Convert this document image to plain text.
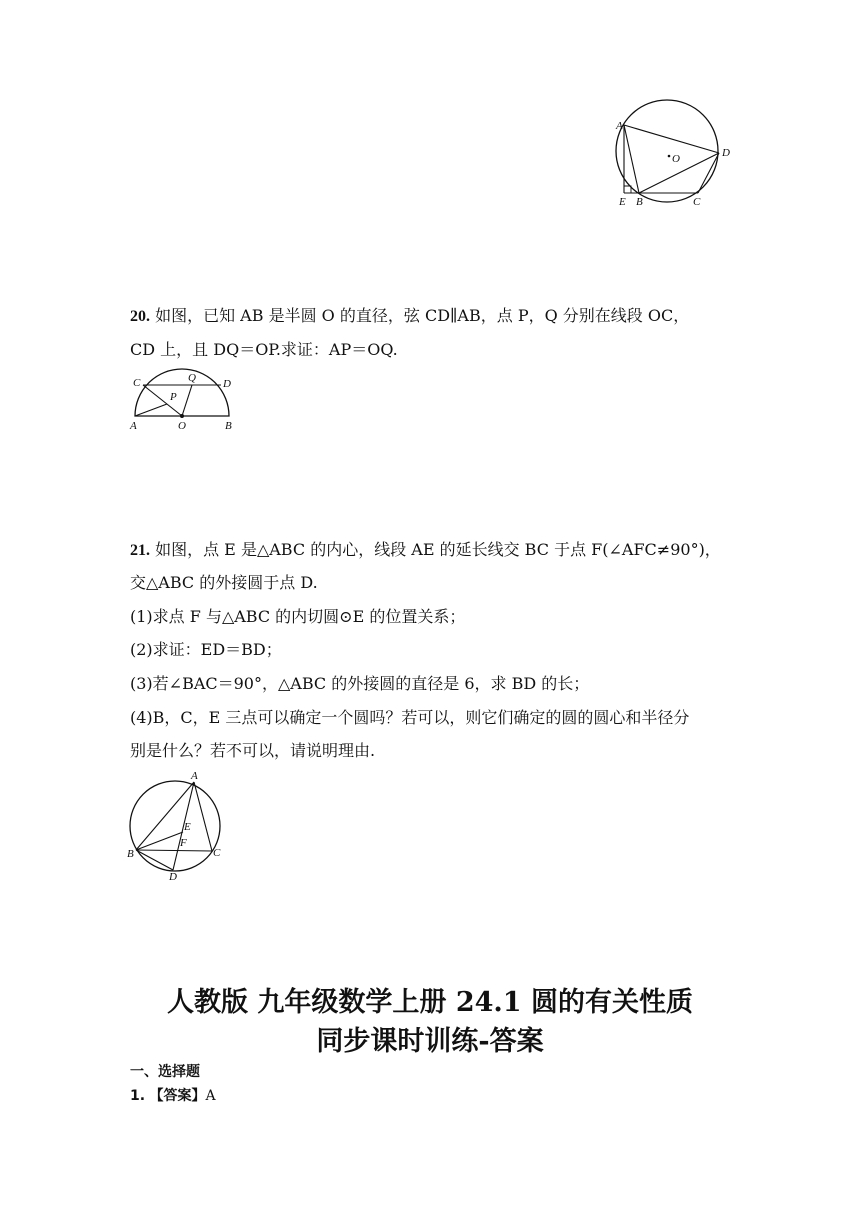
A
O	D
E B	C
20. 如图，已知 AB 是半圆 O 的直径，弦 CD∥AB，点 P，Q 分别在线段 OC，
CD 上，且 DQ＝OP.求证：AP＝OQ.
C	Q D
P
A	O	B
21. 如图，点 E 是△ABC 的内心，线段 AE 的延长线交 BC 于点 F(∠AFC≠90°)，
交△ABC 的外接圆于点 D.
(1)求点 F 与△ABC 的内切圆⊙E 的位置关系；
(2)求证：ED＝BD；
(3)若∠BAC＝90°，△ABC 的外接圆的直径是 6，求 BD 的长；
(4)B，C，E 三点可以确定一个圆吗？若可以，则它们确定的圆的圆心和半径分
别是什么？若不可以，请说明理由.
A
E
F
B	C
D
人教版 九年级数学上册 24.1 圆的有关性质
同步课时训练-答案
一、选择题
1. 【答案】A
